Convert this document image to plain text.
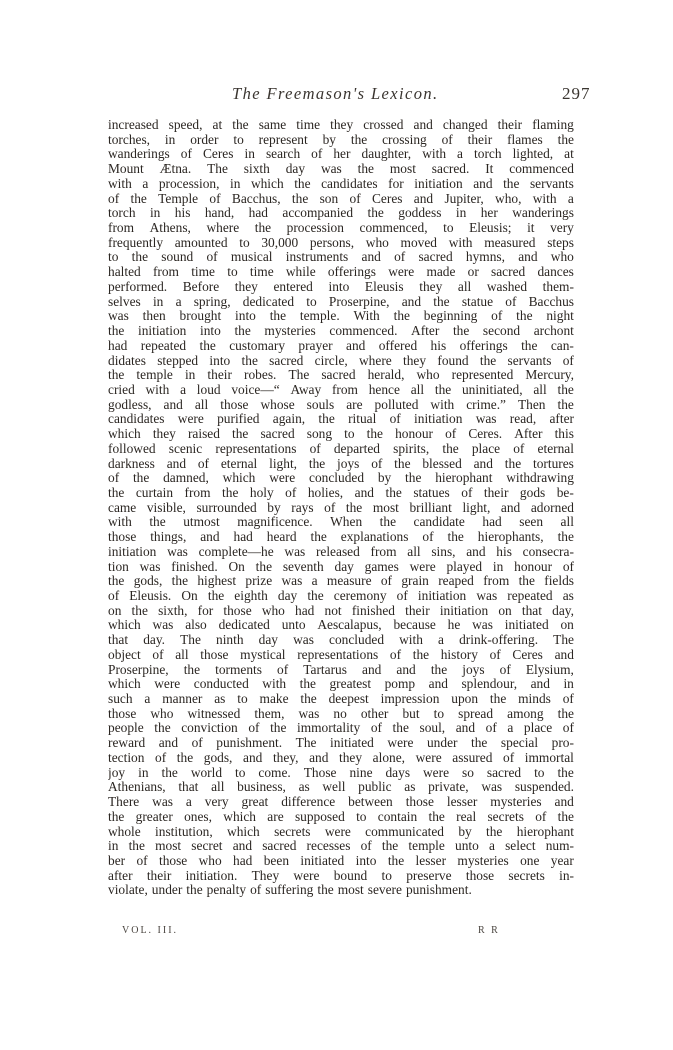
The Freemason's Lexicon.	297
increased speed, at the same time they crossed and changed their flaming
torches, in order to represent by the crossing of their flames the
wanderings of Ceres in search of her daughter, with a torch lighted, at
Mount Ætna. The sixth day was the most sacred. It commenced
with a procession, in which the candidates for initiation and the servants
of the Temple of Bacchus, the son of Ceres and Jupiter, who, with a
torch in his hand, had accompanied the goddess in her wanderings
from Athens, where the procession commenced, to Eleusis; it very
frequently amounted to 30,000 persons, who moved with measured steps
to the sound of musical instruments and of sacred hymns, and who
halted from time to time while offerings were made or sacred dances
performed. Before they entered into Eleusis they all washed them-
selves in a spring, dedicated to Proserpine, and the statue of Bacchus
was then brought into the temple. With the beginning of the night
the initiation into the mysteries commenced. After the second archont
had repeated the customary prayer and offered his offerings the can-
didates stepped into the sacred circle, where they found the servants of
the temple in their robes. The sacred herald, who represented Mercury,
cried with a loud voice—“ Away from hence all the uninitiated, all the
godless, and all those whose souls are polluted with crime.” Then the
candidates were purified again, the ritual of initiation was read, after
which they raised the sacred song to the honour of Ceres. After this
followed scenic representations of departed spirits, the place of eternal
darkness and of eternal light, the joys of the blessed and the tortures
of the damned, which were concluded by the hierophant withdrawing
the curtain from the holy of holies, and the statues of their gods be-
came visible, surrounded by rays of the most brilliant light, and adorned
with the utmost magnificence. When the candidate had seen all
those things, and had heard the explanations of the hierophants, the
initiation was complete—he was released from all sins, and his consecra-
tion was finished. On the seventh day games were played in honour of
the gods, the highest prize was a measure of grain reaped from the fields
of Eleusis. On the eighth day the ceremony of initiation was repeated as
on the sixth, for those who had not finished their initiation on that day,
which was also dedicated unto Aescalapus, because he was initiated on
that day. The ninth day was concluded with a drink-offering. The
object of all those mystical representations of the history of Ceres and
Proserpine, the torments of Tartarus and and the joys of Elysium,
which were conducted with the greatest pomp and splendour, and in
such a manner as to make the deepest impression upon the minds of
those who witnessed them, was no other but to spread among the
people the conviction of the immortality of the soul, and of a place of
reward and of punishment. The initiated were under the special pro-
tection of the gods, and they, and they alone, were assured of immortal
joy in the world to come. Those nine days were so sacred to the
Athenians, that all business, as well public as private, was suspended.
There was a very great difference between those lesser mysteries and
the greater ones, which are supposed to contain the real secrets of the
whole institution, which secrets were communicated by the hierophant
in the most secret and sacred recesses of the temple unto a select num-
ber of those who had been initiated into the lesser mysteries one year
after their initiation. They were bound to preserve those secrets in-
violate, under the penalty of suffering the most severe punishment.
VOL. III.	R R
